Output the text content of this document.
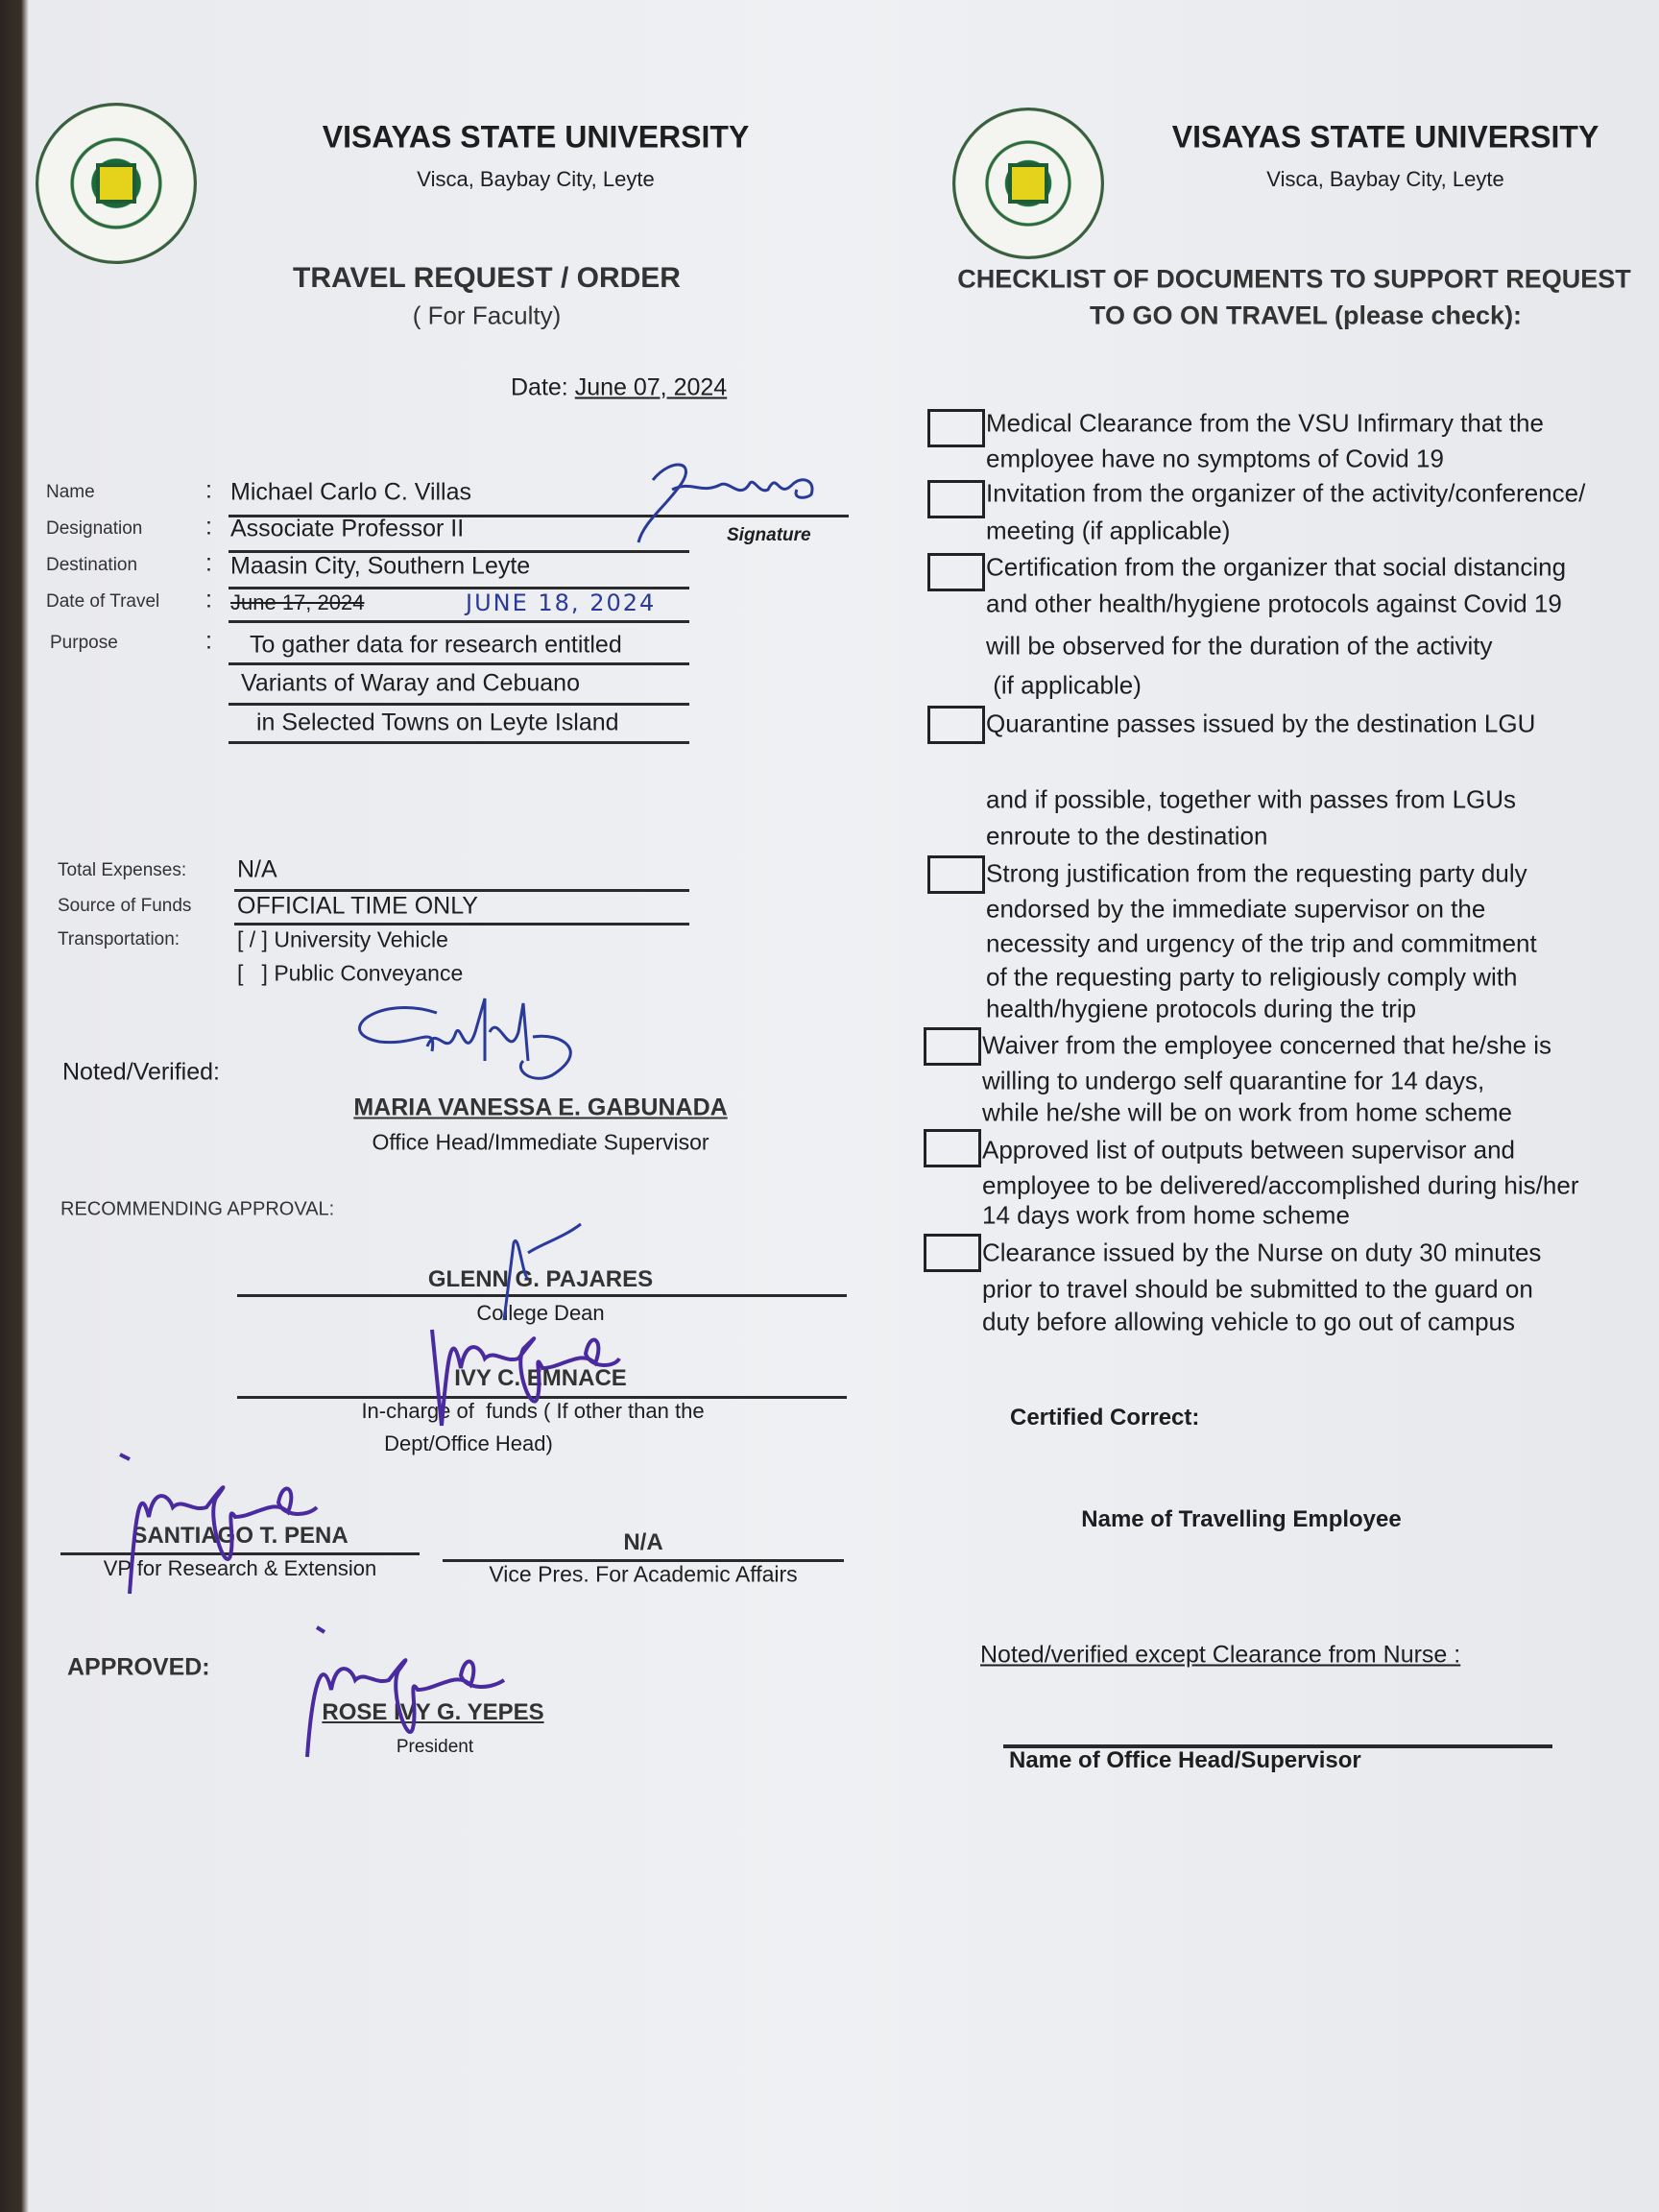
VISAYAS STATE UNIVERSITY
Visca, Baybay City, Leyte
TRAVEL REQUEST / ORDER
( For Faculty)
Date: June 07, 2024
Name	: Michael Carlo C. Villas
Signature
Designation	: Associate Professor II
Destination	: Maasin City, Southern Leyte
Date of Travel : June 17, 2024	JUNE 18, 2024
Purpose	: To gather data for research entitled
Variants of Waray and Cebuano
in Selected Towns on Leyte Island
Total Expenses: N/A
Source of Funds OFFICIAL TIME ONLY
Transportation:	[ / ] University Vehicle
[   ] Public Conveyance
Noted/Verified:
MARIA VANESSA E. GABUNADA
Office Head/Immediate Supervisor
RECOMMENDING APPROVAL:
GLENN G. PAJARES
College Dean
IVY C. EMNACE
In-charge of  funds ( If other than the
Dept/Office Head)
SANTIAGO T. PENA
VP for Research & Extension
N/A
Vice Pres. For Academic Affairs
APPROVED:
ROSE IVY G. YEPES
President
VISAYAS STATE UNIVERSITY
Visca, Baybay City, Leyte
CHECKLIST OF DOCUMENTS TO SUPPORT REQUEST
TO GO ON TRAVEL (please check):
Medical Clearance from the VSU Infirmary that the
employee have no symptoms of Covid 19
Invitation from the organizer of the activity/conference/
meeting (if applicable)
Certification from the organizer that social distancing
and other health/hygiene protocols against Covid 19
will be observed for the duration of the activity
(if applicable)
Quarantine passes issued by the destination LGU
and if possible, together with passes from LGUs
enroute to the destination
Strong justification from the requesting party duly
endorsed by the immediate supervisor on the
necessity and urgency of the trip and commitment
of the requesting party to religiously comply with
health/hygiene protocols during the trip
Waiver from the employee concerned that he/she is
willing to undergo self quarantine for 14 days,
while he/she will be on work from home scheme
Approved list of outputs between supervisor and
employee to be delivered/accomplished during his/her
14 days work from home scheme
Clearance issued by the Nurse on duty 30 minutes
prior to travel should be submitted to the guard on
duty before allowing vehicle to go out of campus
Certified Correct:
Name of Travelling Employee
Noted/verified except Clearance from Nurse :
Name of Office Head/Supervisor
